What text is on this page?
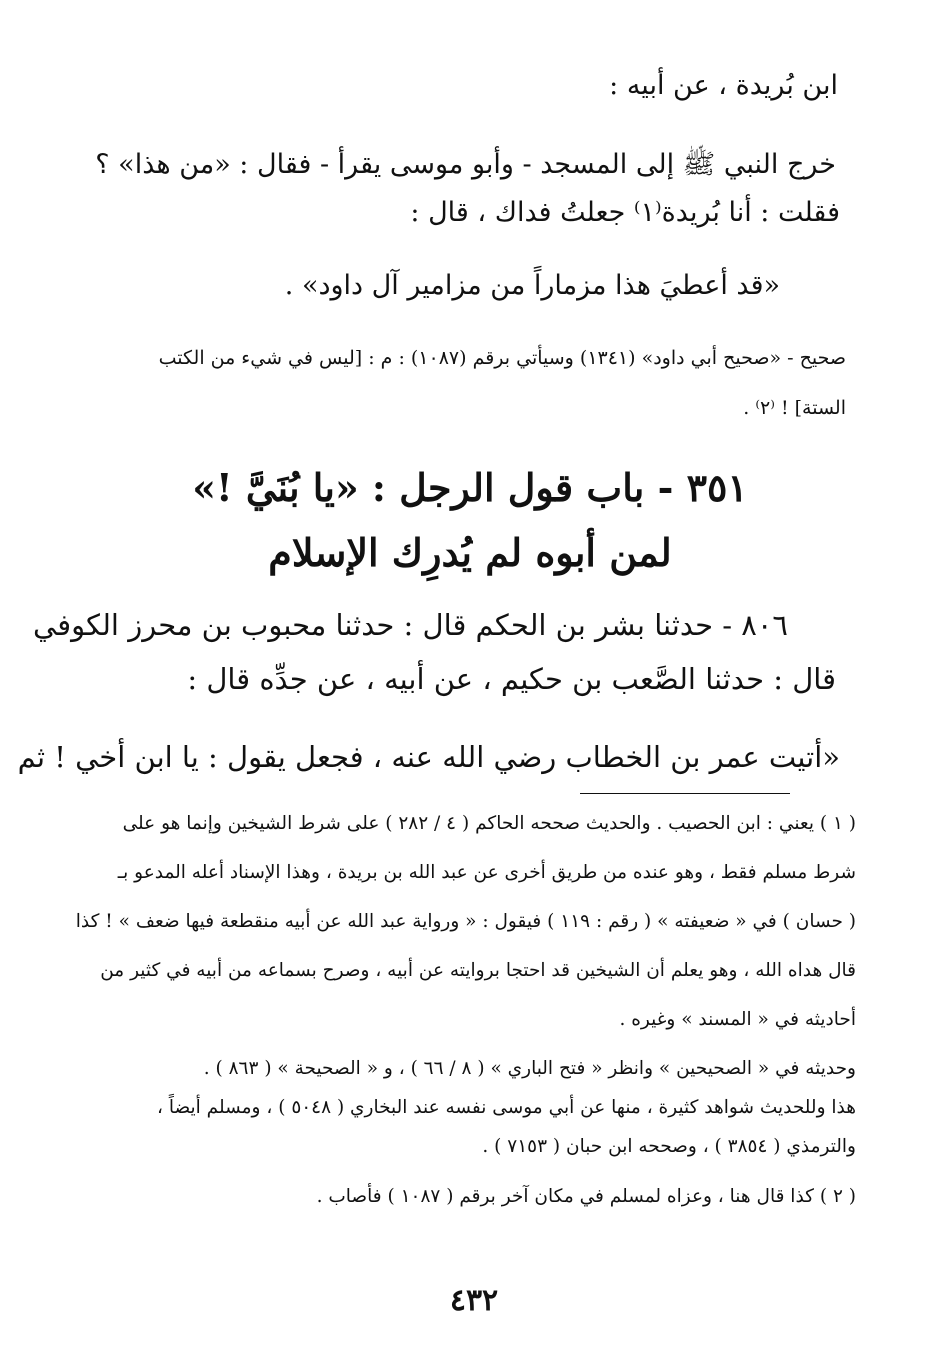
ابن بُريدة ، عن أبيه :
خرج النبي ﷺ إلى المسجد - وأبو موسى يقرأ - فقال : «من هذا» ؟
فقلت : أنا بُريدة⁽١⁾ جعلتُ فداك ، قال :
«قد أعطيَ هذا مزماراً من مزامير آل داود» .
صحيح - «صحيح أبي داود» (١٣٤١) وسيأتي برقم (١٠٨٧) : م : [ليس في شيء من الكتب
الستة] ! ⁽٢⁾ .
٣٥١ - باب قول الرجل : «يا بُنَيَّ !»
لمن أبوه لم يُدرِك الإسلام
٨٠٦ - حدثنا بشر بن الحكم قال : حدثنا محبوب بن محرز الكوفي
قال : حدثنا الصَّعب بن حكيم ، عن أبيه ، عن جدِّه قال :
«أتيت عمر بن الخطاب رضي الله عنه ، فجعل يقول : يا ابن أخي ! ثم
( ١ ) يعني : ابن الحصيب . والحديث صححه الحاكم ( ٤ / ٢٨٢ ) على شرط الشيخين وإنما هو على
شرط مسلم فقط ، وهو عنده من طريق أخرى عن عبد الله بن بريدة ، وهذا الإسناد أعله المدعو بـ
( حسان ) في « ضعيفته » ( رقم : ١١٩ ) فيقول : « ورواية عبد الله عن أبيه منقطعة فيها ضعف » ! كذا
قال هداه الله ، وهو يعلم أن الشيخين قد احتجا بروايته عن أبيه ، وصرح بسماعه من أبيه في كثير من
أحاديثه في « المسند » وغيره .
وحديثه في « الصحيحين » وانظر « فتح الباري » ( ٨ / ٦٦ ) ، و « الصحيحة » ( ٨٦٣ ) .
هذا وللحديث شواهد كثيرة ، منها عن أبي موسى نفسه عند البخاري ( ٥٠٤٨ ) ، ومسلم أيضاً ،
والترمذي ( ٣٨٥٤ ) ، وصححه ابن حبان ( ٧١٥٣ ) .
( ٢ ) كذا قال هنا ، وعزاه لمسلم في مكان آخر برقم ( ١٠٨٧ ) فأصاب .
٤٣٢
